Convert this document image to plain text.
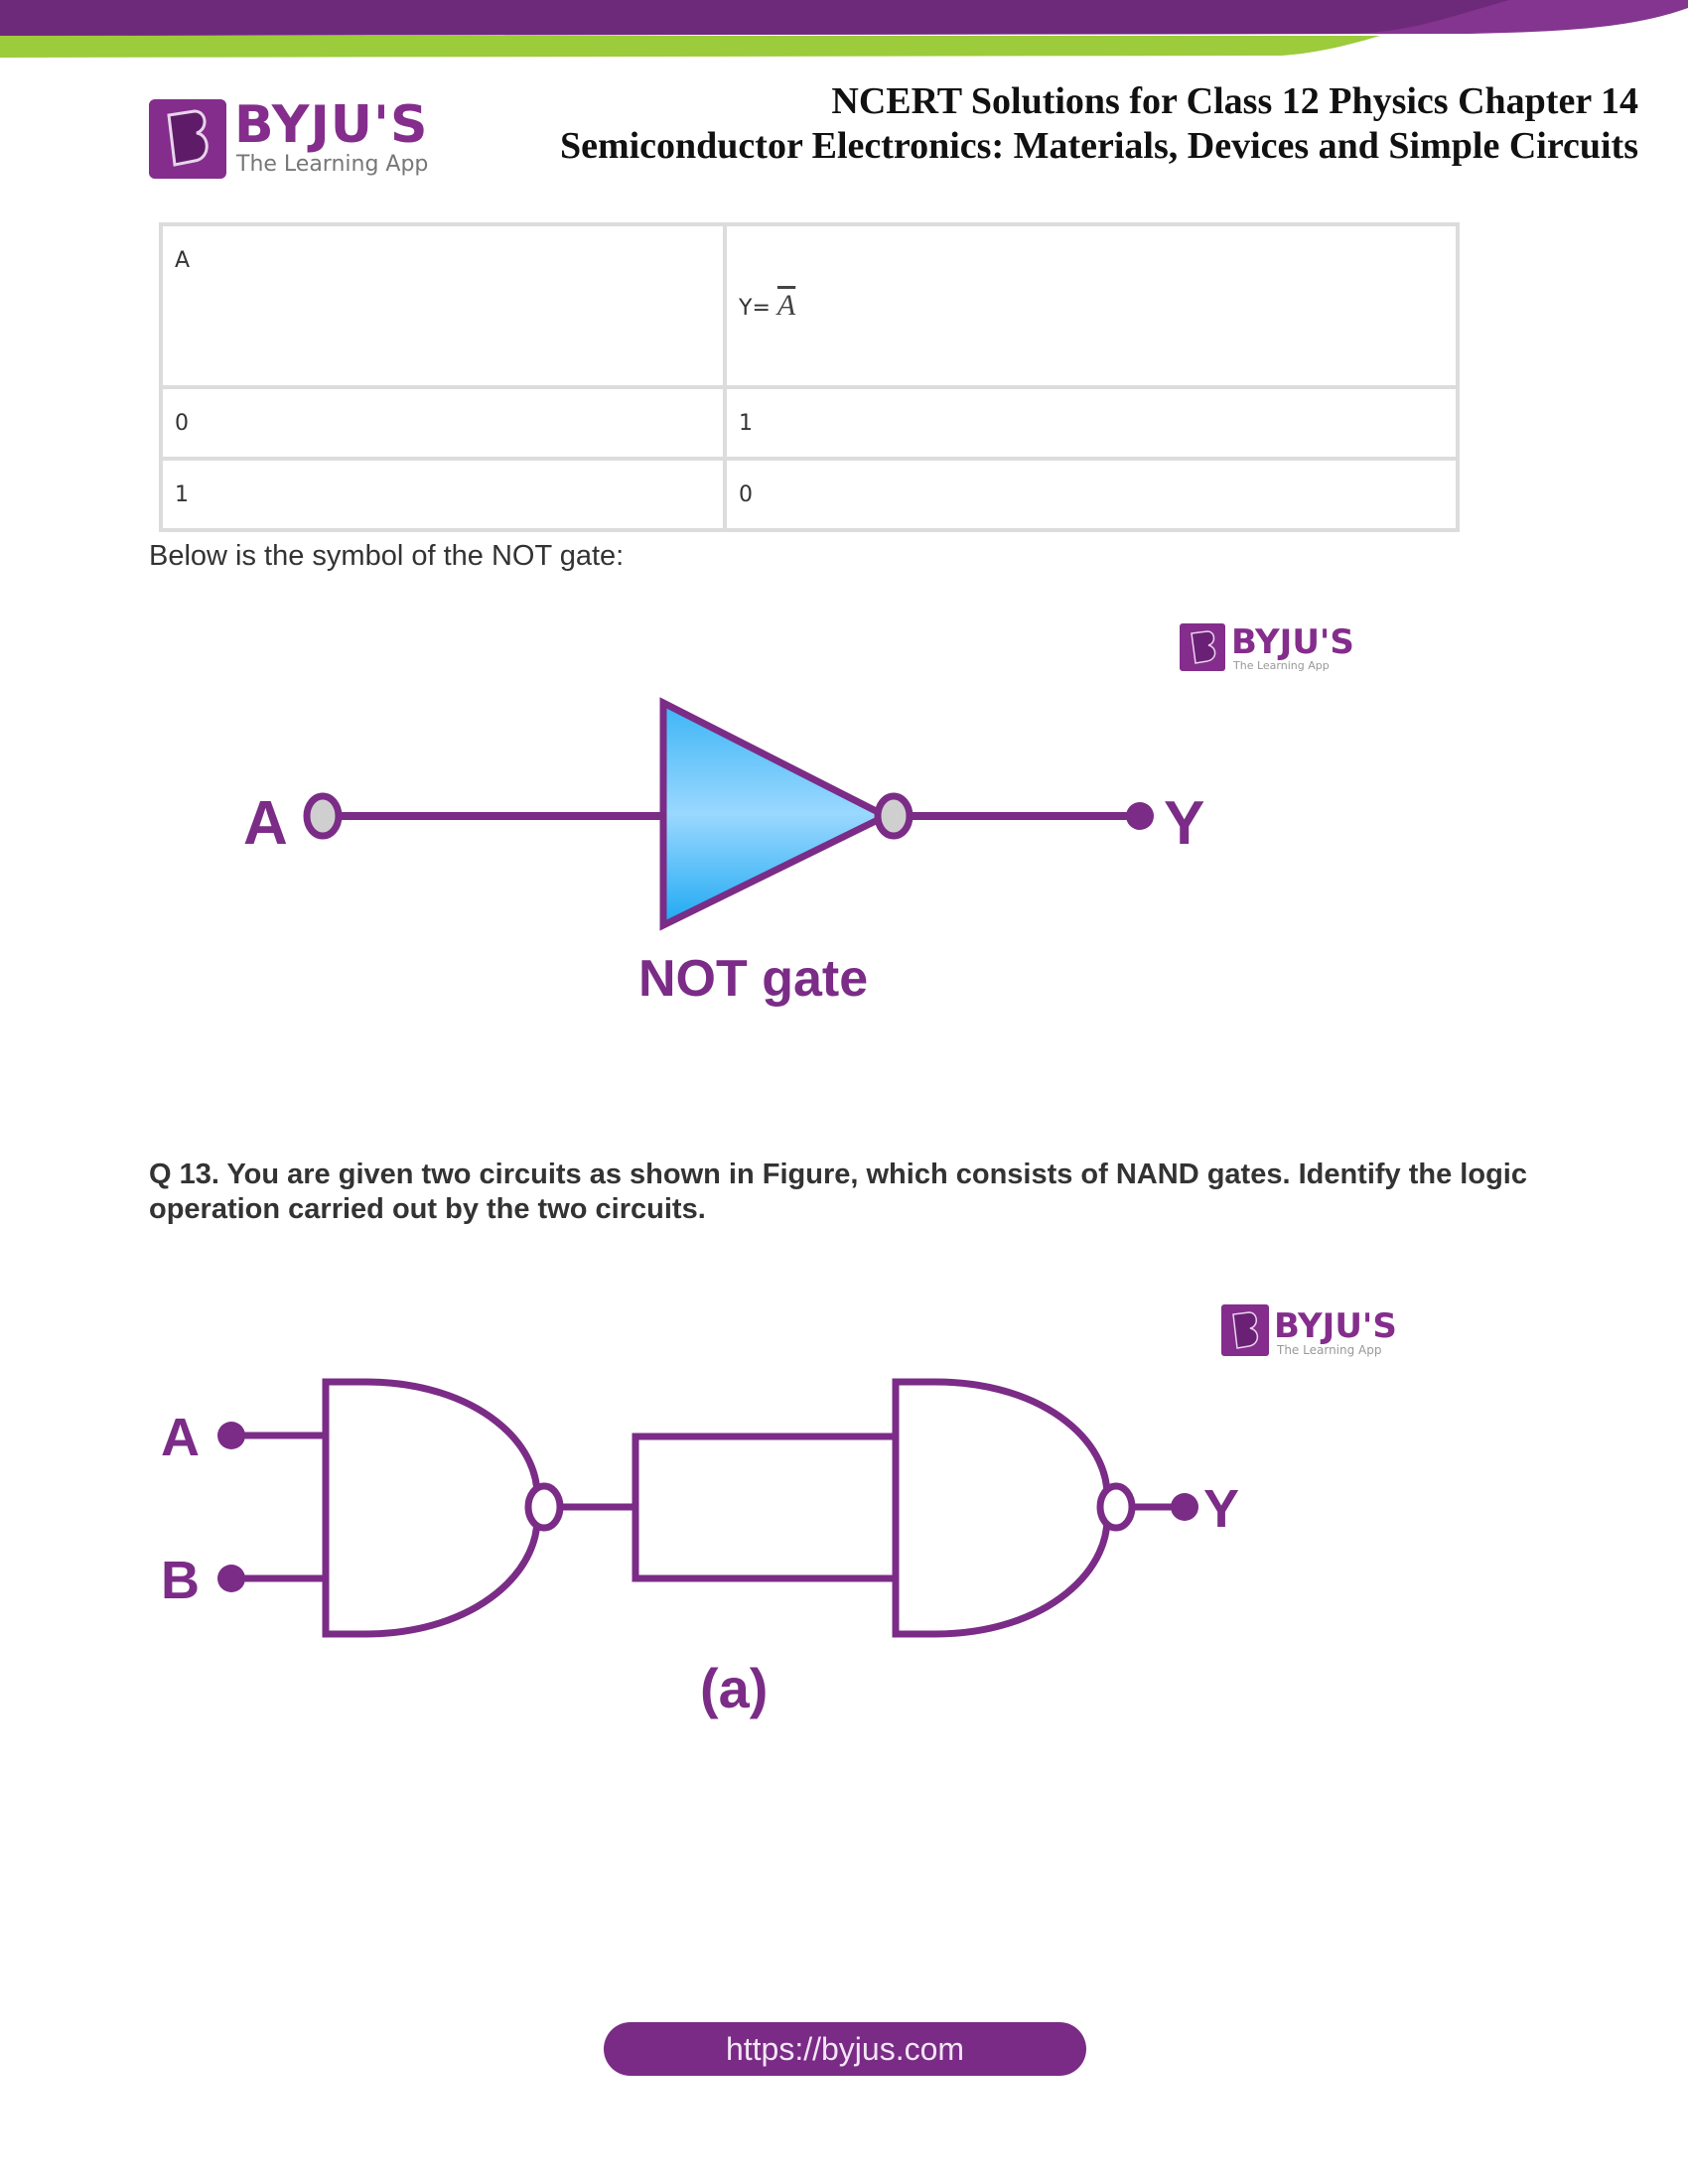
BYJU'S
The Learning App
NCERT Solutions for Class 12 Physics Chapter 14
Semiconductor Electronics: Materials, Devices and Simple Circuits
A	$Y= \overline{A}$
0	1
1	0
Below is the symbol of the NOT gate:
BYJU'S
The Learning App
A	Y
NOT gate
Q 13. You are given two circuits as shown in Figure, which consists of NAND gates. Identify the logic operation carried out by the two circuits.
BYJU'S
The Learning App
A
B
Y
(a)
https://byjus.com
